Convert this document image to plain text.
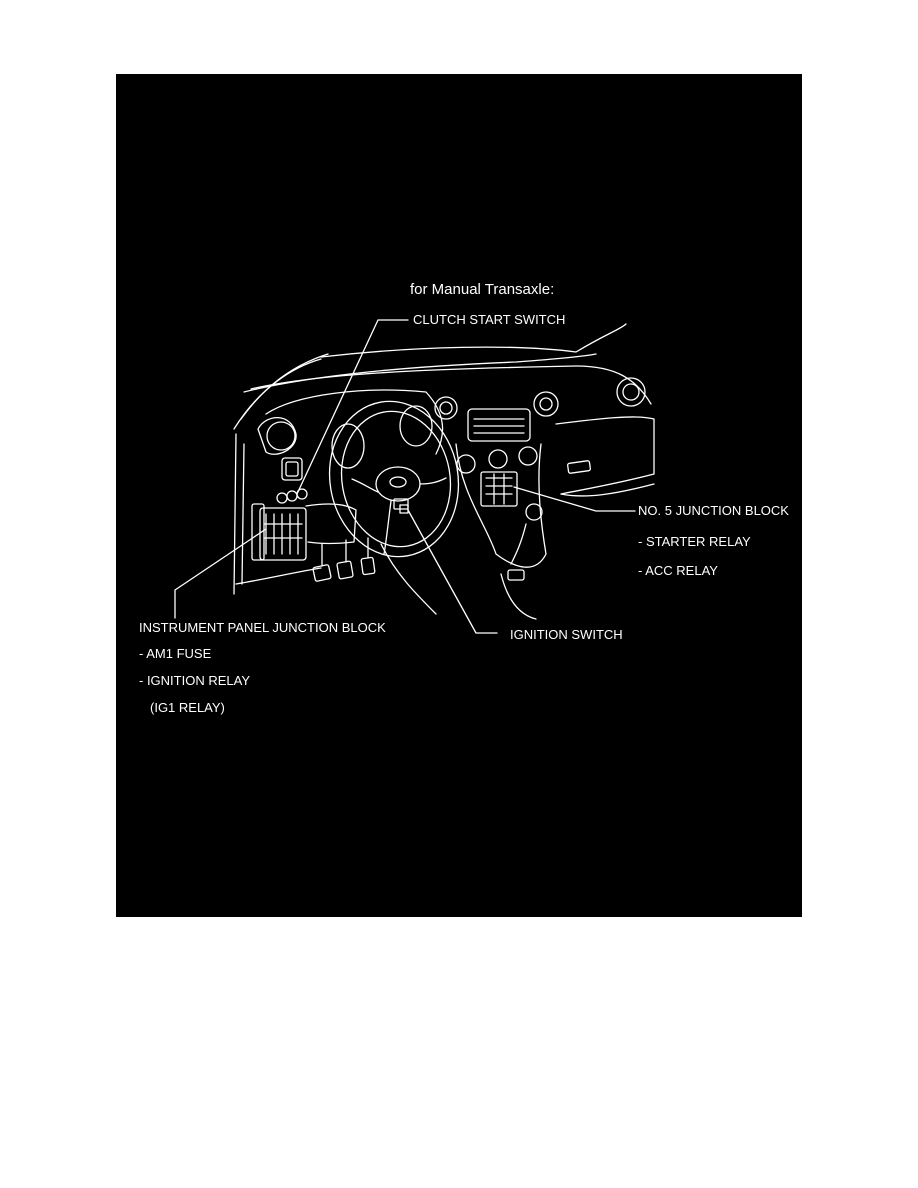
for Manual Transaxle:
CLUTCH START SWITCH
NO. 5 JUNCTION BLOCK
- STARTER RELAY
- ACC RELAY
INSTRUMENT PANEL JUNCTION BLOCK
- AM1 FUSE
- IGNITION RELAY
(IG1 RELAY)
IGNITION SWITCH
